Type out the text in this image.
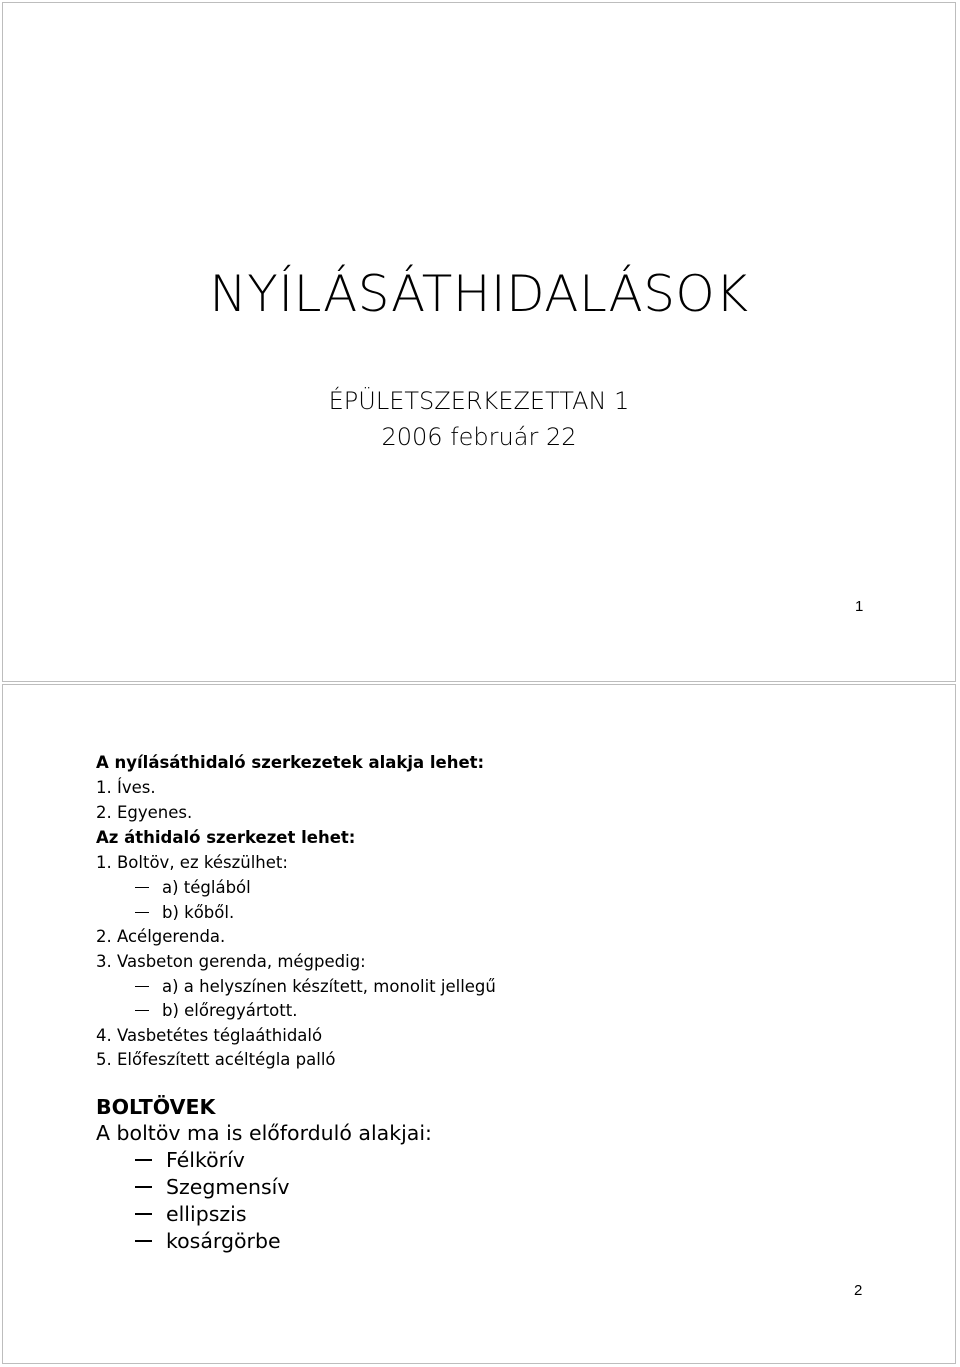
NYÍLÁSÁTHIDALÁSOK
ÉPÜLETSZERKEZETTAN 1
2006 február 22
1
A nyílásáthidaló szerkezetek alakja lehet:
1. Íves.
2. Egyenes.
Az áthidaló szerkezet lehet:
1. Boltöv, ez készülhet:
a) téglából
b) kőből.
2. Acélgerenda.
3. Vasbeton gerenda, mégpedig:
a) a helyszínen készített, monolit jellegű
b) előregyártott.
4. Vasbetétes téglaáthidaló
5. Előfeszített acéltégla palló
BOLTÖVEK
A boltöv ma is előforduló alakjai:
Félkörív
Szegmensív
ellipszis
kosárgörbe
2
